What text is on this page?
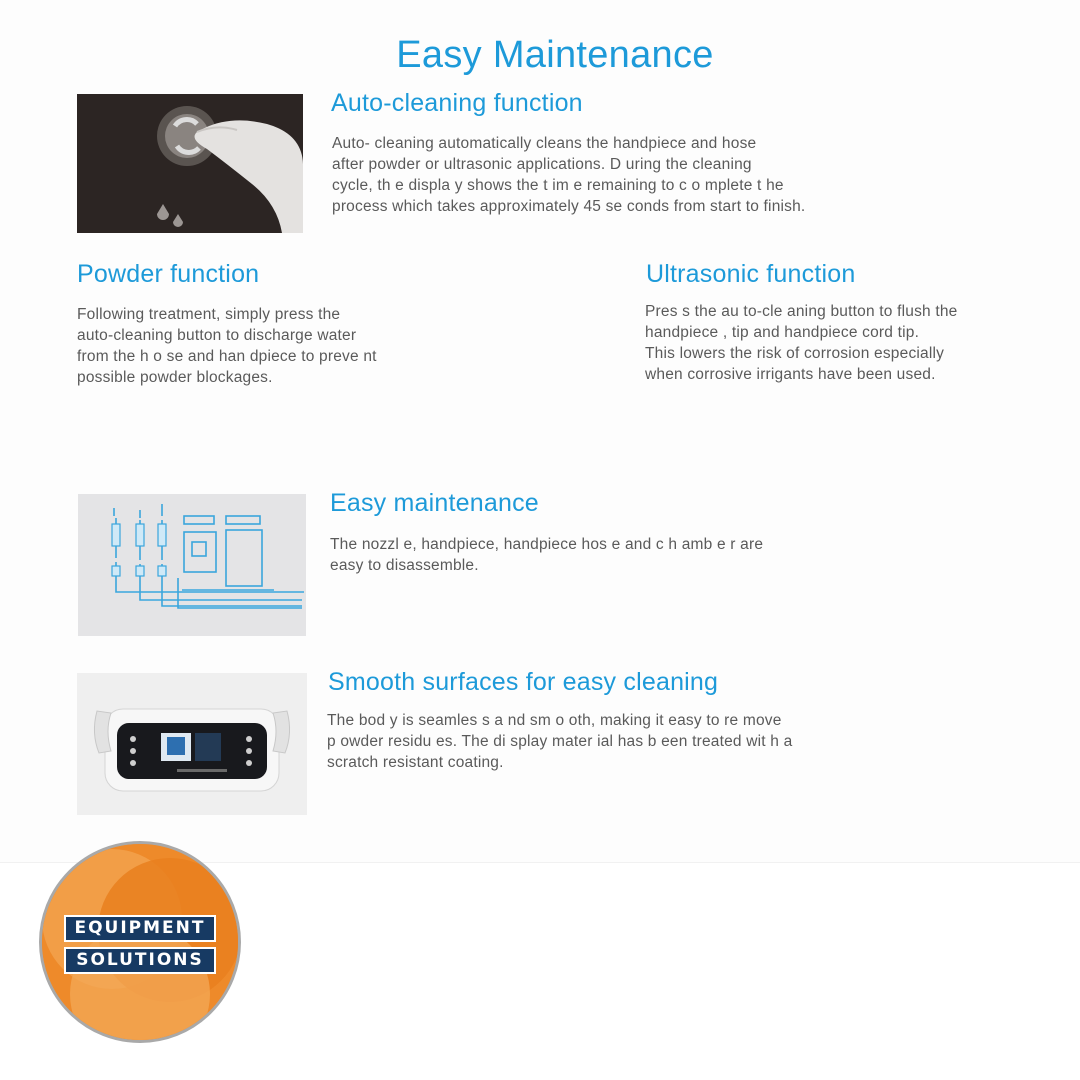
Easy Maintenance
Auto-cleaning function
Auto- cleaning automatically cleans the handpiece and hose
after powder or ultrasonic applications. D uring the cleaning
cycle, th e displa y shows the t im e remaining to c o mplete t he
process which takes approximately 45 se conds from start to finish.
Powder function
Following treatment, simply press the
auto-cleaning button to discharge water
from the h o se and han dpiece to preve nt
possible powder blockages.
Ultrasonic function
Pres s the au to-cle aning button to flush the
handpiece , tip and handpiece cord tip.
This lowers the risk of corrosion especially
when corrosive irrigants have been used.
Easy maintenance
The nozzl e, handpiece, handpiece hos e and c h amb e r are
easy to disassemble.
Smooth surfaces for easy cleaning
The bod y is seamles s a nd sm o oth, making it easy to re move
p owder residu es. The di splay mater ial has b een treated wit h a
scratch resistant coating.
EQUIPMENT
SOLUTIONS
